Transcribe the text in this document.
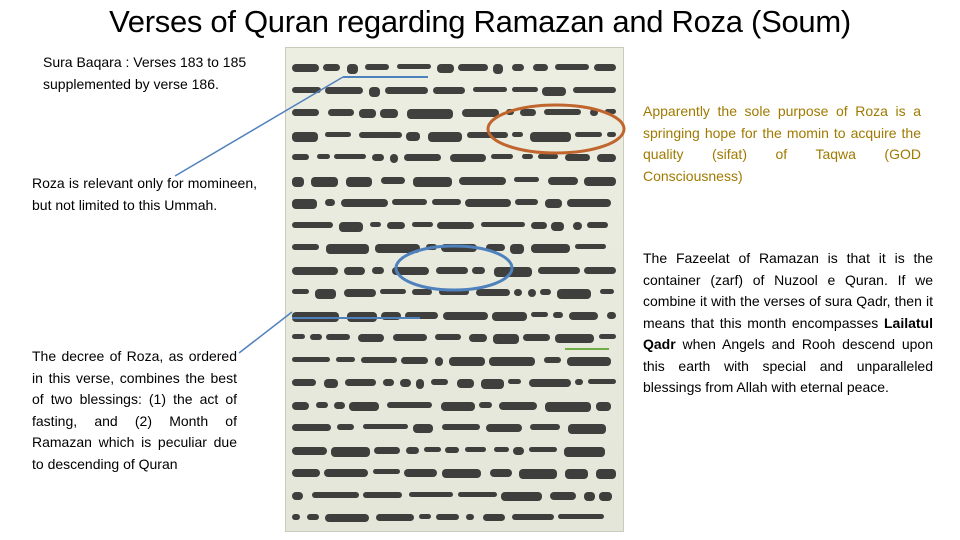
Verses of Quran regarding Ramazan and Roza (Soum)
Sura Baqara : Verses 183 to 185 supplemented by verse 186.
Roza is relevant only for momineen, but not limited to this Ummah.
The decree of Roza, as ordered in this verse, combines the best of two blessings: (1) the act of fasting, and (2) Month of Ramazan which is peculiar due to descending of Quran
Apparently the sole purpose of Roza is a springing hope for the momin to acquire the quality (sifat) of Taqwa (GOD Consciousness)
The Fazeelat of Ramazan is that it is the container (zarf) of Nuzool e Quran. If we combine it with the verses of sura Qadr, then it means that this month encompasses Lailatul Qadr when Angels and Rooh descend upon this earth with special and unparalleled blessings from Allah with eternal peace.
